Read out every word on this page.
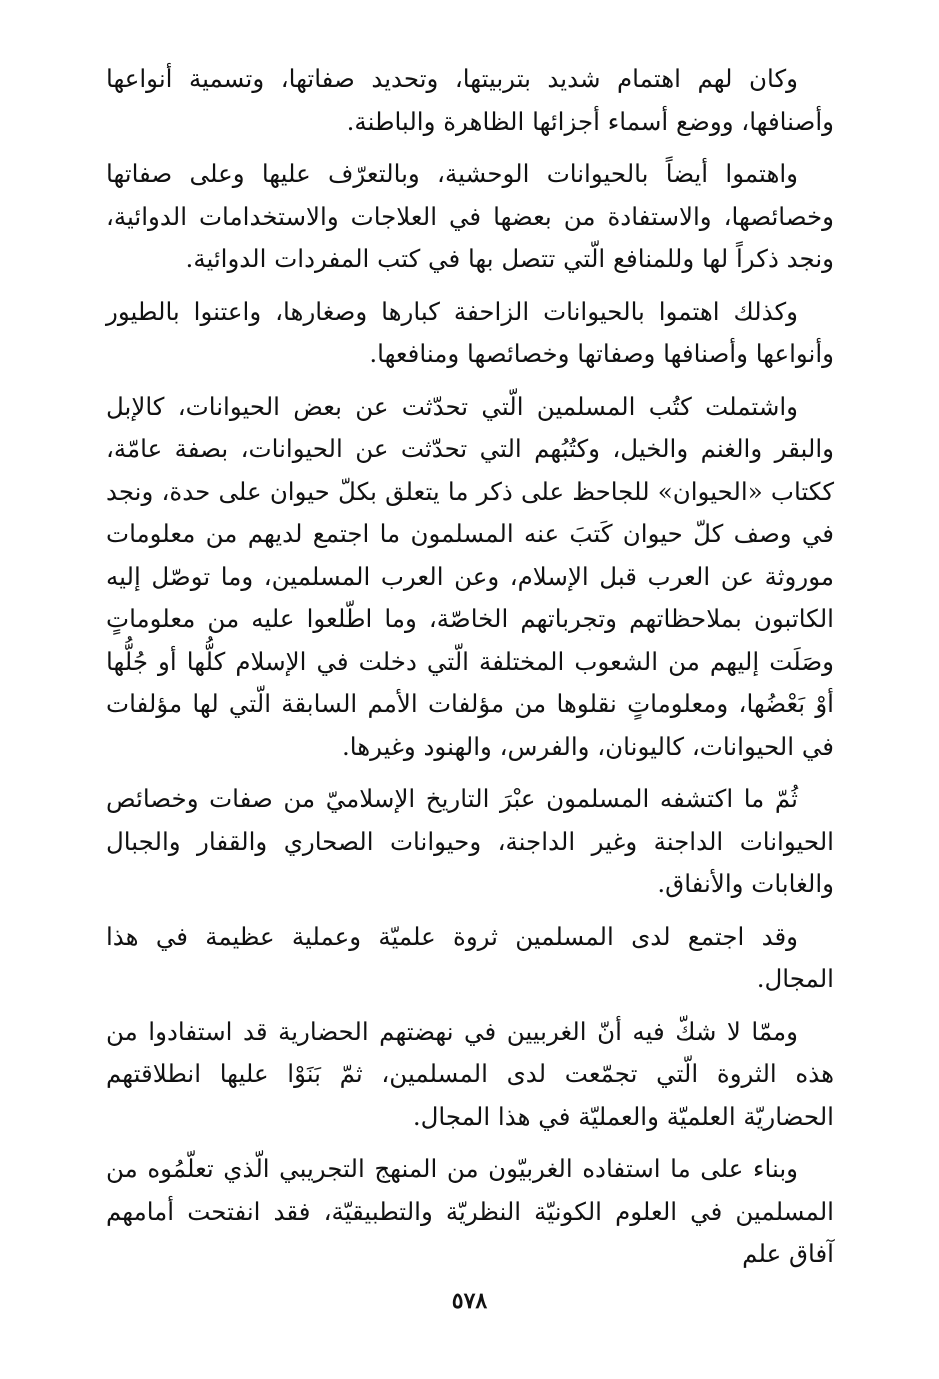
وكان لهم اهتمام شديد بتربيتها، وتحديد صفاتها، وتسمية أنواعها وأصنافها، ووضع أسماء أجزائها الظاهرة والباطنة.

واهتموا أيضاً بالحيوانات الوحشية، وبالتعرّف عليها وعلى صفاتها وخصائصها، والاستفادة من بعضها في العلاجات والاستخدامات الدوائية، ونجد ذكراً لها وللمنافع الّتي تتصل بها في كتب المفردات الدوائية.

وكذلك اهتموا بالحيوانات الزاحفة كبارها وصغارها، واعتنوا بالطيور وأنواعها وأصنافها وصفاتها وخصائصها ومنافعها.

واشتملت كتُب المسلمين الّتي تحدّثت عن بعض الحيوانات، كالإبل والبقر والغنم والخيل، وكتُبُهم التي تحدّثت عن الحيوانات، بصفة عامّة، ككتاب «الحيوان» للجاحظ على ذكر ما يتعلق بكلّ حيوان على حدة، ونجد في وصف كلّ حيوان كَتبَ عنه المسلمون ما اجتمع لديهم من معلومات موروثة عن العرب قبل الإسلام، وعن العرب المسلمين، وما توصّل إليه الكاتبون بملاحظاتهم وتجرباتهم الخاصّة، وما اطّلعوا عليه من معلوماتٍ وصَلَت إليهم من الشعوب المختلفة الّتي دخلت في الإسلام كلُّها أو جُلُّها أوْ بَعْضُها، ومعلوماتٍ نقلوها من مؤلفات الأمم السابقة الّتي لها مؤلفات في الحيوانات، كاليونان، والفرس، والهنود وغيرها.

ثُمّ ما اكتشفه المسلمون عبْرَ التاريخ الإسلاميّ من صفات وخصائص الحيوانات الداجنة وغير الداجنة، وحيوانات الصحاري والقفار والجبال والغابات والأنفاق.

وقد اجتمع لدى المسلمين ثروة علميّة وعملية عظيمة في هذا المجال.

وممّا لا شكّ فيه أنّ الغربيين في نهضتهم الحضارية قد استفادوا من هذه الثروة الّتي تجمّعت لدى المسلمين، ثمّ بَنَوْا عليها انطلاقتهم الحضاريّة العلميّة والعمليّة في هذا المجال.

وبناء على ما استفاده الغربيّون من المنهج التجريبي الّذي تعلّمُوه من المسلمين في العلوم الكونيّة النظريّة والتطبيقيّة، فقد انفتحت أمامهم آفاق علم

٥٧٨
